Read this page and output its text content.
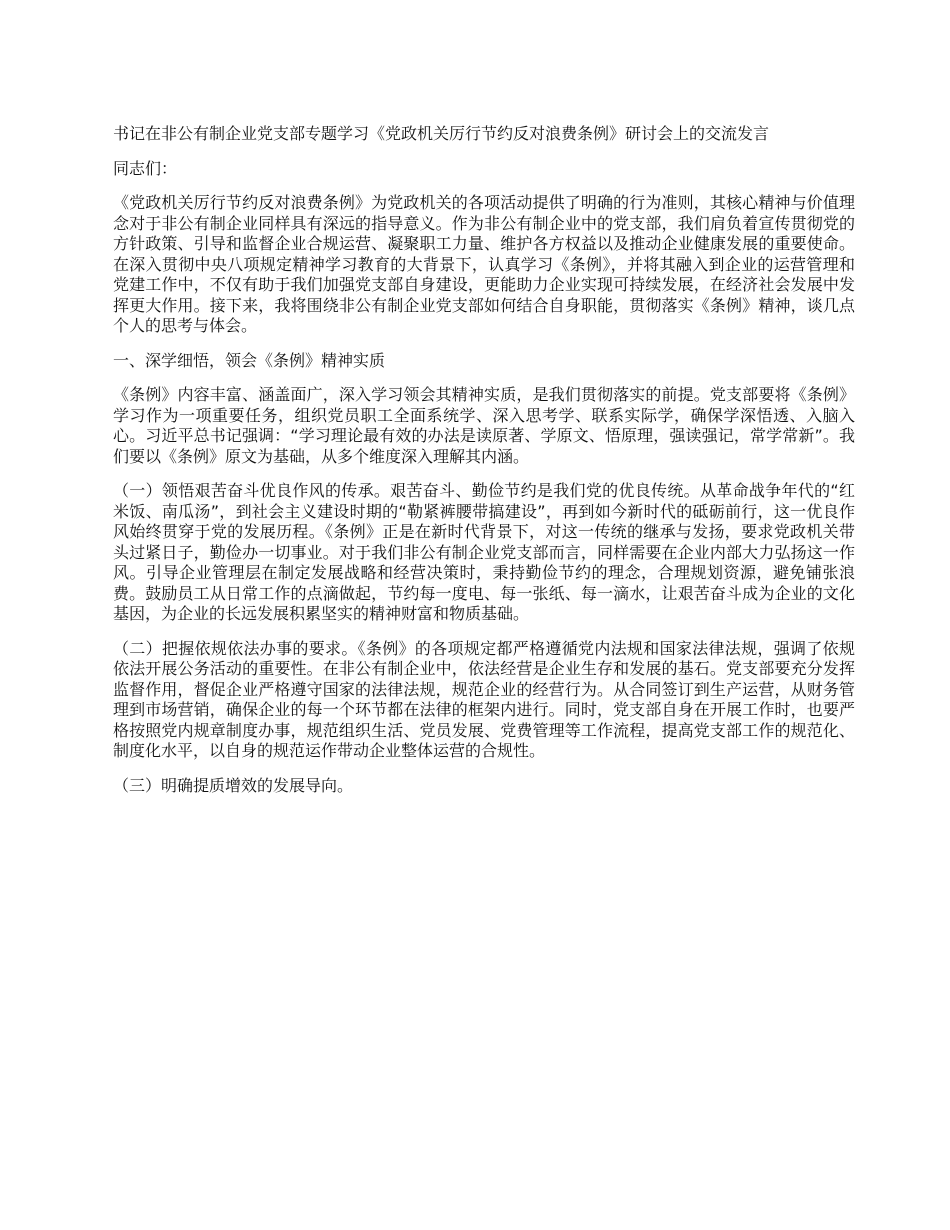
书记在非公有制企业党支部专题学习《党政机关厉行节约反对浪费条例》研讨会上的交流发言

同志们：

《党政机关厉行节约反对浪费条例》为党政机关的各项活动提供了明确的行为准则，其核心精神与价值理念对于非公有制企业同样具有深远的指导意义。作为非公有制企业中的党支部，我们肩负着宣传贯彻党的方针政策、引导和监督企业合规运营、凝聚职工力量、维护各方权益以及推动企业健康发展的重要使命。在深入贯彻中央八项规定精神学习教育的大背景下，认真学习《条例》，并将其融入到企业的运营管理和党建工作中，不仅有助于我们加强党支部自身建设，更能助力企业实现可持续发展，在经济社会发展中发挥更大作用。接下来，我将围绕非公有制企业党支部如何结合自身职能，贯彻落实《条例》精神，谈几点个人的思考与体会。

一、深学细悟，领会《条例》精神实质

《条例》内容丰富、涵盖面广，深入学习领会其精神实质，是我们贯彻落实的前提。党支部要将《条例》学习作为一项重要任务，组织党员职工全面系统学、深入思考学、联系实际学，确保学深悟透、入脑入心。习近平总书记强调：“学习理论最有效的办法是读原著、学原文、悟原理，强读强记，常学常新”。我们要以《条例》原文为基础，从多个维度深入理解其内涵。

（一）领悟艰苦奋斗优良作风的传承。艰苦奋斗、勤俭节约是我们党的优良传统。从革命战争年代的“红米饭、南瓜汤”，到社会主义建设时期的“勒紧裤腰带搞建设”，再到如今新时代的砥砺前行，这一优良作风始终贯穿于党的发展历程。《条例》正是在新时代背景下，对这一传统的继承与发扬，要求党政机关带头过紧日子，勤俭办一切事业。对于我们非公有制企业党支部而言，同样需要在企业内部大力弘扬这一作风。引导企业管理层在制定发展战略和经营决策时，秉持勤俭节约的理念，合理规划资源，避免铺张浪费。鼓励员工从日常工作的点滴做起，节约每一度电、每一张纸、每一滴水，让艰苦奋斗成为企业的文化基因，为企业的长远发展积累坚实的精神财富和物质基础。

（二）把握依规依法办事的要求。《条例》的各项规定都严格遵循党内法规和国家法律法规，强调了依规依法开展公务活动的重要性。在非公有制企业中，依法经营是企业生存和发展的基石。党支部要充分发挥监督作用，督促企业严格遵守国家的法律法规，规范企业的经营行为。从合同签订到生产运营，从财务管理到市场营销，确保企业的每一个环节都在法律的框架内进行。同时，党支部自身在开展工作时，也要严格按照党内规章制度办事，规范组织生活、党员发展、党费管理等工作流程，提高党支部工作的规范化、制度化水平，以自身的规范运作带动企业整体运营的合规性。

（三）明确提质增效的发展导向。
